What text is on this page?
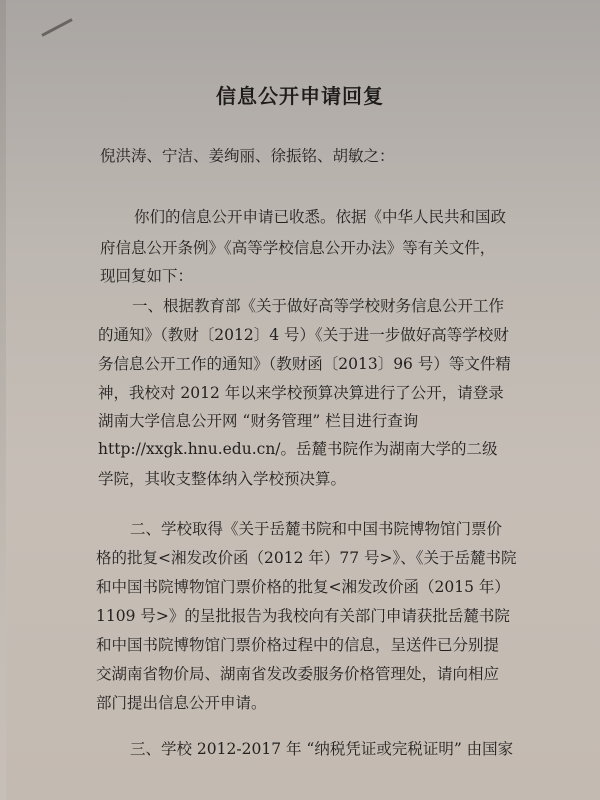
信息公开申请回复
倪洪涛、宁洁、姜绚丽、徐振铭、胡敏之：
你们的信息公开申请已收悉。依据《中华人民共和国政
府信息公开条例》《高等学校信息公开办法》等有关文件，
现回复如下：
一、根据教育部《关于做好高等学校财务信息公开工作
的通知》（教财〔2012〕4 号）《关于进一步做好高等学校财
务信息公开工作的通知》（教财函〔2013〕96 号）等文件精
神，我校对 2012 年以来学校预算决算进行了公开，请登录
湖南大学信息公开网 “财务管理” 栏目进行查询
http://xxgk.hnu.edu.cn/。岳麓书院作为湖南大学的二级
学院，其收支整体纳入学校预决算。
二、学校取得《关于岳麓书院和中国书院博物馆门票价
格的批复<湘发改价函（2012 年）77 号>》、《关于岳麓书院
和中国书院博物馆门票价格的批复<湘发改价函（2015 年）
1109 号>》的呈批报告为我校向有关部门申请获批岳麓书院
和中国书院博物馆门票价格过程中的信息，呈送件已分别提
交湖南省物价局、湖南省发改委服务价格管理处，请向相应
部门提出信息公开申请。
三、学校 2012-2017 年 “纳税凭证或完税证明” 由国家
